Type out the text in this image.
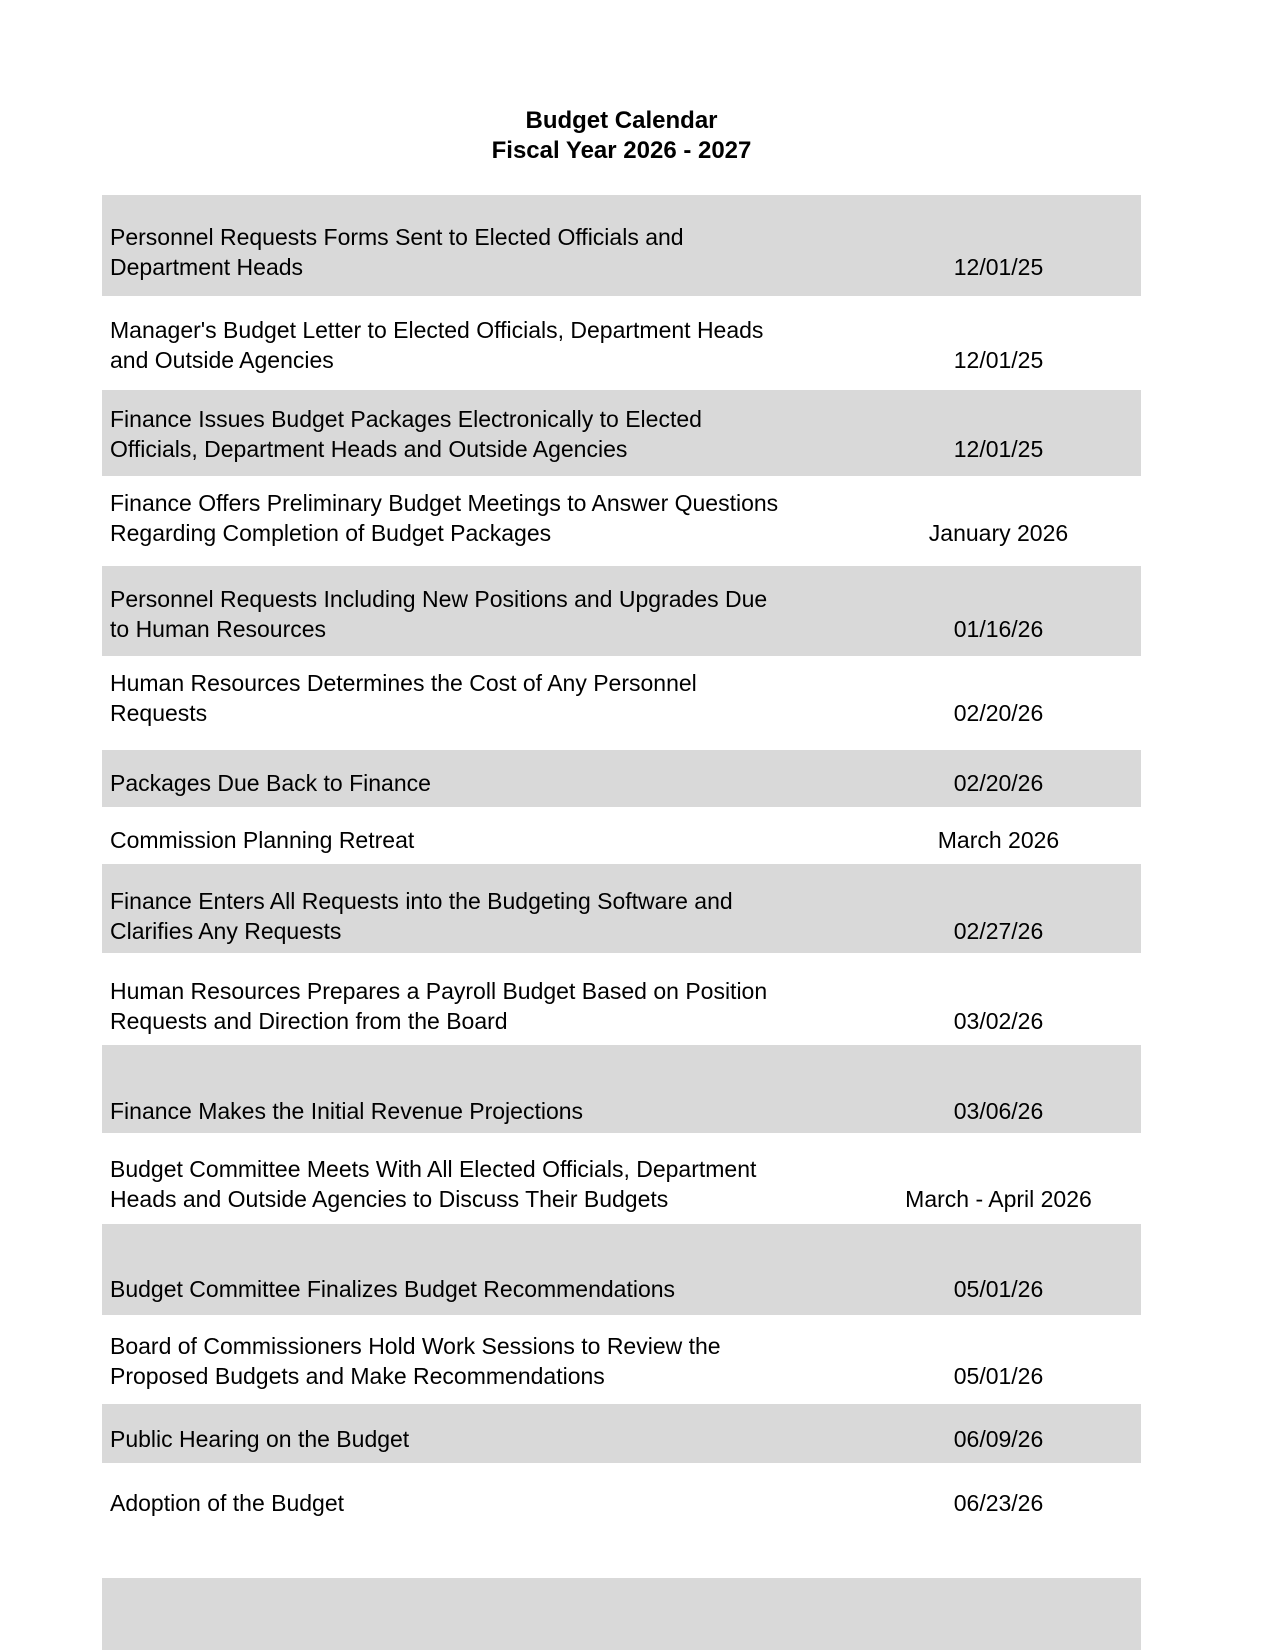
Budget Calendar
Fiscal Year 2026 - 2027
Personnel Requests Forms Sent to Elected Officials and
Department Heads	12/01/25
Manager's Budget Letter to Elected Officials, Department Heads
and Outside Agencies	12/01/25
Finance Issues Budget Packages Electronically to Elected
Officials, Department Heads and Outside Agencies	12/01/25
Finance Offers Preliminary Budget Meetings to Answer Questions
Regarding Completion of Budget Packages	January 2026
Personnel Requests Including New Positions and Upgrades Due
to Human Resources	01/16/26
Human Resources Determines the Cost of Any Personnel
Requests	02/20/26
Packages Due Back to Finance	02/20/26
Commission Planning Retreat	March 2026
Finance Enters All Requests into the Budgeting Software and
Clarifies Any Requests	02/27/26
Human Resources Prepares a Payroll Budget Based on Position
Requests and Direction from the Board	03/02/26
Finance Makes the Initial Revenue Projections	03/06/26
Budget Committee Meets With All Elected Officials, Department
Heads and Outside Agencies to Discuss Their Budgets	March - April 2026
Budget Committee Finalizes Budget Recommendations	05/01/26
Board of Commissioners Hold Work Sessions to Review the
Proposed Budgets and Make Recommendations	05/01/26
Public Hearing on the Budget	06/09/26
Adoption of the Budget	06/23/26
